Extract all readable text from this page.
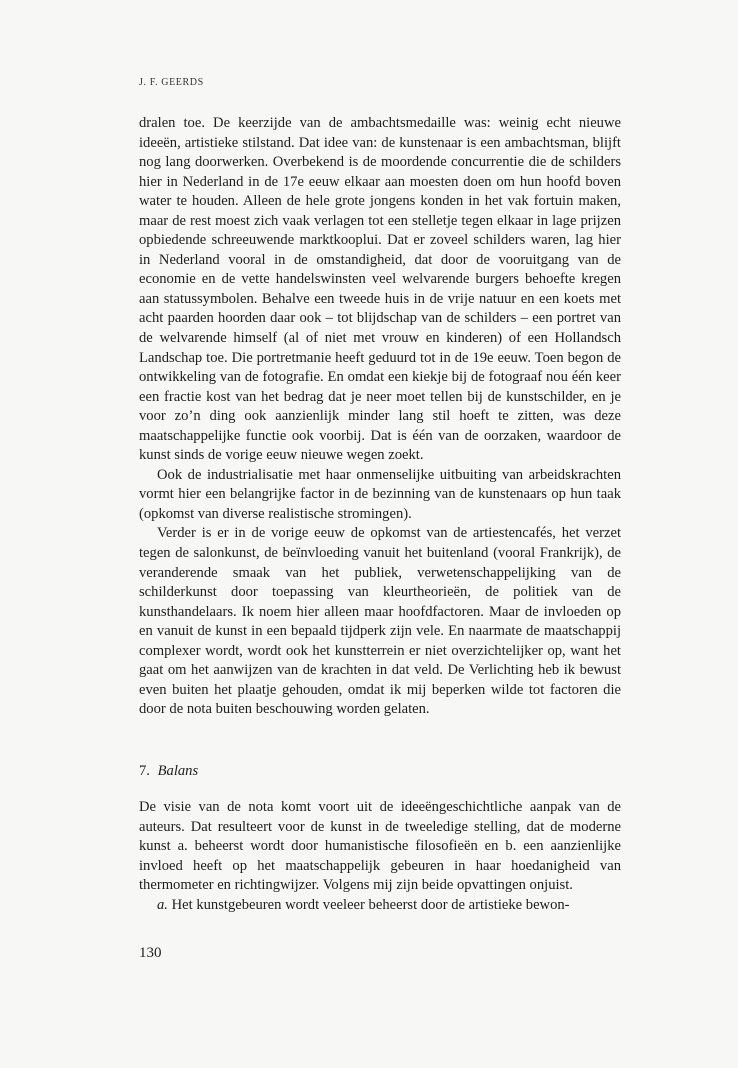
J. F. GEERDS

dralen toe. De keerzijde van de ambachtsmedaille was: weinig echt nieuwe ideeën, artistieke stilstand. Dat idee van: de kunstenaar is een ambachtsman, blijft nog lang doorwerken. Overbekend is de moordende concurrentie die de schilders hier in Nederland in de 17e eeuw elkaar aan moesten doen om hun hoofd boven water te houden. Alleen de hele grote jongens konden in het vak fortuin maken, maar de rest moest zich vaak verlagen tot een stelletje tegen elkaar in lage prijzen opbiedende schreeuwende marktkooplui. Dat er zoveel schilders waren, lag hier in Nederland vooral in de omstandigheid, dat door de vooruitgang van de economie en de vette handelswinsten veel welvarende burgers behoefte kregen aan statussymbolen. Behalve een tweede huis in de vrije natuur en een koets met acht paarden hoorden daar ook – tot blijdschap van de schilders – een portret van de welvarende himself (al of niet met vrouw en kinderen) of een Hollandsch Landschap toe. Die portretmanie heeft geduurd tot in de 19e eeuw. Toen begon de ontwikkeling van de fotografie. En omdat een kiekje bij de fotograaf nou één keer een fractie kost van het bedrag dat je neer moet tellen bij de kunstschilder, en je voor zo’n ding ook aanzienlijk minder lang stil hoeft te zitten, was deze maatschappelijke functie ook voorbij. Dat is één van de oorzaken, waardoor de kunst sinds de vorige eeuw nieuwe wegen zoekt.

Ook de industrialisatie met haar onmenselijke uitbuiting van arbeidskrachten vormt hier een belangrijke factor in de bezinning van de kunstenaars op hun taak (opkomst van diverse realistische stromingen).

Verder is er in de vorige eeuw de opkomst van de artiestencafés, het verzet tegen de salonkunst, de beïnvloeding vanuit het buitenland (vooral Frankrijk), de veranderende smaak van het publiek, verwetenschappelijking van de schilderkunst door toepassing van kleurtheorieën, de politiek van de kunsthandelaars. Ik noem hier alleen maar hoofdfactoren. Maar de invloeden op en vanuit de kunst in een bepaald tijdperk zijn vele. En naarmate de maatschappij complexer wordt, wordt ook het kunstterrein er niet overzichtelijker op, want het gaat om het aanwijzen van de krachten in dat veld. De Verlichting heb ik bewust even buiten het plaatje gehouden, omdat ik mij beperken wilde tot factoren die door de nota buiten beschouwing worden gelaten.

7. Balans

De visie van de nota komt voort uit de ideeëngeschichtliche aanpak van de auteurs. Dat resulteert voor de kunst in de tweeledige stelling, dat de moderne kunst a. beheerst wordt door humanistische filosofieën en b. een aanzienlijke invloed heeft op het maatschappelijk gebeuren in haar hoedanigheid van thermometer en richtingwijzer. Volgens mij zijn beide opvattingen onjuist.

a. Het kunstgebeuren wordt veeleer beheerst door de artistieke bewon-

130
